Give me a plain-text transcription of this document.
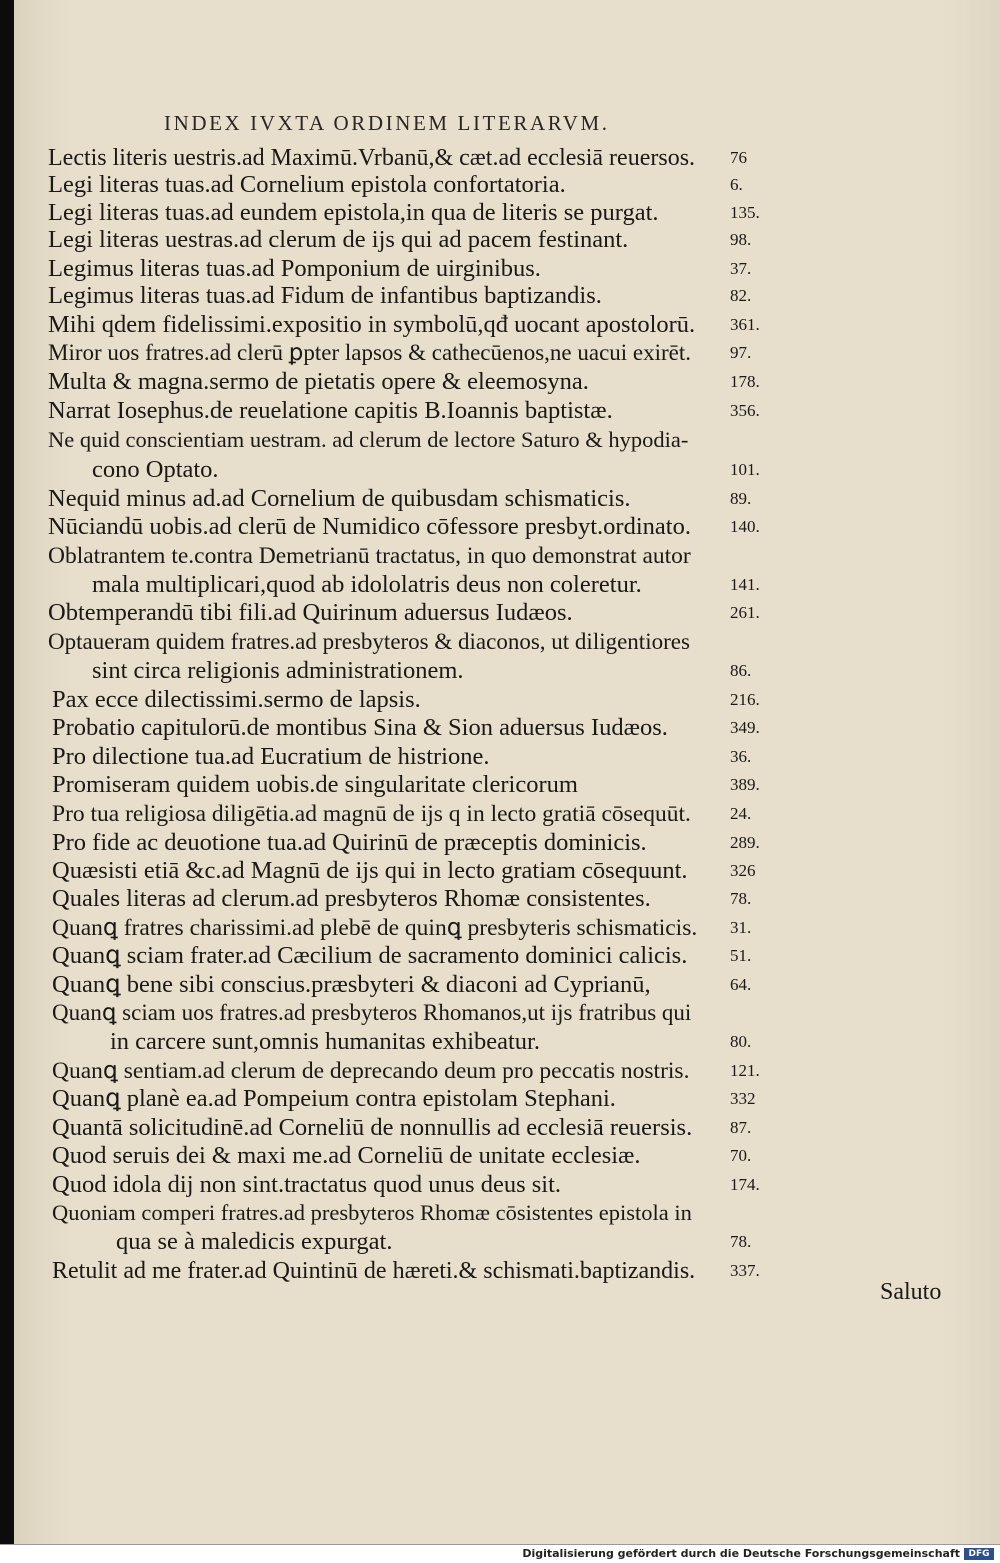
INDEX IVXTA ORDINEM LITERARVM.
Lectis literis uestris.ad Maximū.Vrbanū,& cæt.ad ecclesiā reuersos. 76
Legi literas tuas.ad Cornelium epistola confortatoria.	6.
Legi literas tuas.ad eundem epistola,in qua de literis se purgat.	135.
Legi literas uestras.ad clerum de ijs qui ad pacem festinant.	98.
Legimus literas tuas.ad Pomponium de uirginibus.	37.
Legimus literas tuas.ad Fidum de infantibus baptizandis.	82.
Mihi qdem fidelissimi.expositio in symbolū,qđ uocant apostolorū. 361.
Miror uos fratres.ad clerū ꝑpter lapsos & cathecūenos,ne uacui exirēt.	97.
Multa & magna.sermo de pietatis opere & eleemosyna.	178.
Narrat Iosephus.de reuelatione capitis B.Ioannis baptistæ.	356.
Ne quid conscientiam uestram. ad clerum de lectore Saturo & hypodia-
cono Optato.	101.
Nequid minus ad.ad Cornelium de quibusdam schismaticis.	89.
Nūciandū uobis.ad clerū de Numidico cōfessore presbyt.ordinato.	140.
Oblatrantem te.contra Demetrianū tractatus, in quo demonstrat autor
mala multiplicari,quod ab idololatris deus non coleretur.	141.
Obtemperandū tibi fili.ad Quirinum aduersus Iudæos.	261.
Optaueram quidem fratres.ad presbyteros & diaconos, ut diligentiores
sint circa religionis administrationem.	86.
Pax ecce dilectissimi.sermo de lapsis.	216.
Probatio capitulorū.de montibus Sina & Sion aduersus Iudæos.	349.
Pro dilectione tua.ad Eucratium de histrione.	36.
Promiseram quidem uobis.de singularitate clericorum	389.
Pro tua religiosa diligētia.ad magnū de ijs q in lecto gratiā cōsequūt.	24.
Pro fide ac deuotione tua.ad Quirinū de præceptis dominicis.	289.
Quæsisti etiā &c.ad Magnū de ijs qui in lecto gratiam cōsequunt.	326
Quales literas ad clerum.ad presbyteros Rhomæ consistentes.	78.
Quanꝗ fratres charissimi.ad plebē de quinꝗ presbyteris schismaticis. 31.
Quanꝗ sciam frater.ad Cæcilium de sacramento dominici calicis.	51.
Quanꝗ bene sibi conscius.præsbyteri & diaconi ad Cyprianū,	64.
Quanꝗ sciam uos fratres.ad presbyteros Rhomanos,ut ijs fratribus qui
in carcere sunt,omnis humanitas exhibeatur.	80.
Quanꝗ sentiam.ad clerum de deprecando deum pro peccatis nostris.	121.
Quanꝗ planè ea.ad Pompeium contra epistolam Stephani.	332
Quantā solicitudinē.ad Corneliū de nonnullis ad ecclesiā reuersis.	87.
Quod seruis dei & maxi me.ad Corneliū de unitate ecclesiæ.	70.
Quod idola dij non sint.tractatus quod unus deus sit.	174.
Quoniam comperi fratres.ad presbyteros Rhomæ cōsistentes epistola in
qua se à maledicis expurgat.	78.
Retulit ad me frater.ad Quintinū de hæreti.& schismati.baptizandis. 337.
Saluto
Digitalisierung gefördert durch die Deutsche Forschungsgemeinschaft DFG
